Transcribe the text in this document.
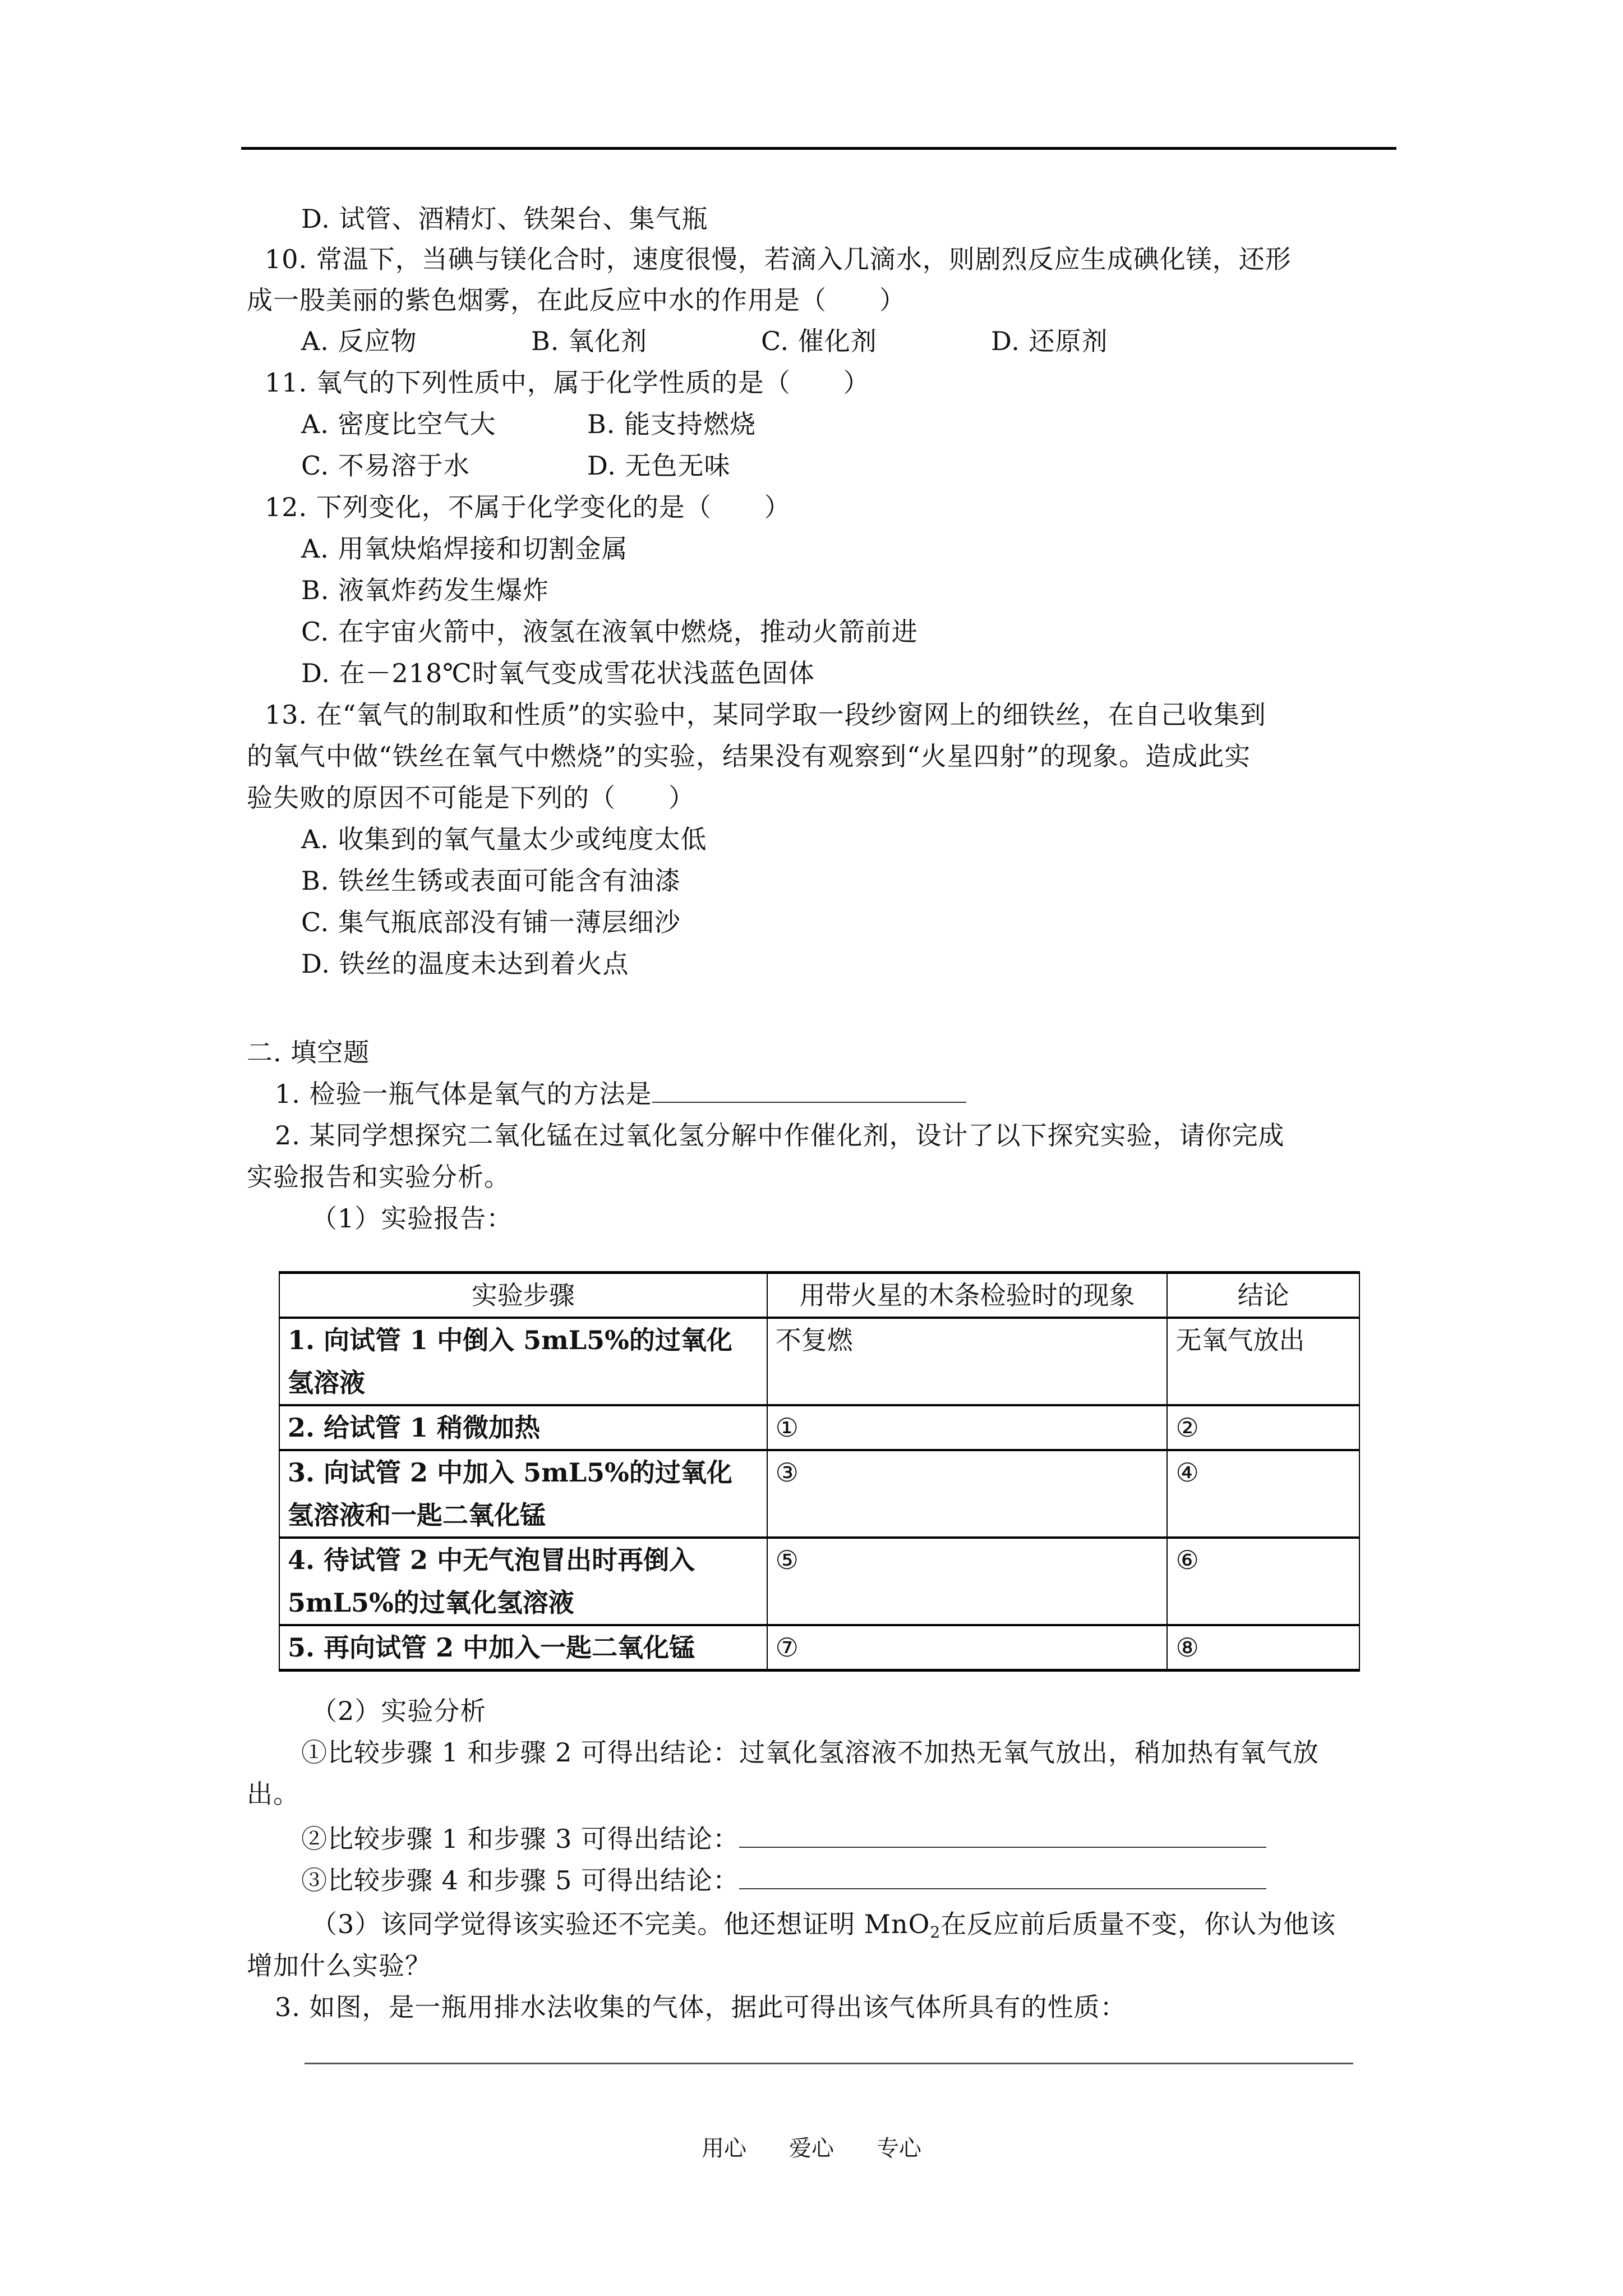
D. 试管、酒精灯、铁架台、集气瓶
10. 常温下，当碘与镁化合时，速度很慢，若滴入几滴水，则剧烈反应生成碘化镁，还形
成一股美丽的紫色烟雾，在此反应中水的作用是（　　）
A. 反应物	B. 氧化剂	C. 催化剂	D. 还原剂
11. 氧气的下列性质中，属于化学性质的是（　　）
A. 密度比空气大	B. 能支持燃烧
C. 不易溶于水	D. 无色无味
12. 下列变化，不属于化学变化的是（　　）
A. 用氧炔焰焊接和切割金属
B. 液氧炸药发生爆炸
C. 在宇宙火箭中，液氢在液氧中燃烧，推动火箭前进
D. 在－218℃时氧气变成雪花状浅蓝色固体
13. 在“氧气的制取和性质”的实验中，某同学取一段纱窗网上的细铁丝，在自己收集到
的氧气中做“铁丝在氧气中燃烧”的实验，结果没有观察到“火星四射”的现象。造成此实
验失败的原因不可能是下列的（　　）
A. 收集到的氧气量太少或纯度太低
B. 铁丝生锈或表面可能含有油漆
C. 集气瓶底部没有铺一薄层细沙
D. 铁丝的温度未达到着火点
二. 填空题
1. 检验一瓶气体是氧气的方法是
2. 某同学想探究二氧化锰在过氧化氢分解中作催化剂，设计了以下探究实验，请你完成
实验报告和实验分析。
（1）实验报告：
实验步骤	用带火星的木条检验时的现象	结论

1. 向试管 1 中倒入 5mL5%的过氧化
氢溶液	不复燃	无氧气放出

2. 给试管 1 稍微加热	①	②

3. 向试管 2 中加入 5mL5%的过氧化
氢溶液和一匙二氧化锰	③	④

4. 待试管 2 中无气泡冒出时再倒入
5mL5%的过氧化氢溶液	⑤	⑥

5. 再向试管 2 中加入一匙二氧化锰	⑦	⑧
（2）实验分析
①比较步骤 1 和步骤 2 可得出结论：过氧化氢溶液不加热无氧气放出，稍加热有氧气放
出。
②比较步骤 1 和步骤 3 可得出结论：
③比较步骤 4 和步骤 5 可得出结论：
（3）该同学觉得该实验还不完美。他还想证明 MnO$_2$在反应前后质量不变，你认为他该
增加什么实验？
3. 如图，是一瓶用排水法收集的气体，据此可得出该气体所具有的性质：
用心 爱心 专心
